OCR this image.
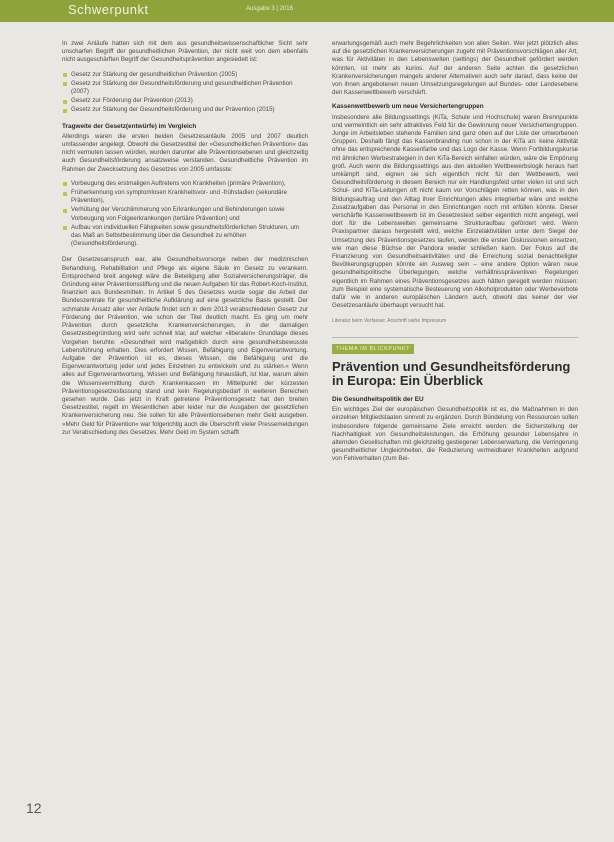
Schwerpunkt	Ausgabe 3 | 2016

In zwei Anläufe hatten sich mit dem aus gesundheitswissenschaftlicher Sicht sehr unscharfen Begriff der gesundheitlichen Prävention, der nicht weit von dem ebenfalls nicht ausgeschärften Begriff der Gesundheitsprävention angesiedelt ist:

Gesetz zur Stärkung der gesundheitlichen Prävention (2005)
Gesetz zur Stärkung der Gesundheitsförderung und gesundheitlichen Prävention (2007)
Gesetz zur Förderung der Prävention (2013)
Gesetz zur Stärkung der Gesundheitsförderung und der Prävention (2015)
Tragweite der Gesetz(entwürfe) im Vergleich

Allerdings waren die ersten beiden Gesetzesanläufe 2005 und 2007 deutlich umfassender angelegt. Obwohl die Gesetzestitel der »Gesundheitlichen Prävention« das nicht vermuten lassen würden, wurden darunter alle Präventionsebenen und gleichzeitig auch Gesundheitsförderung ansatzweise verstanden. Gesundheitliche Prävention im Rahmen der Zwecksetzung des Gesetzes von 2005 umfasste:

Vorbeugung des erstmaligen Auftretens von Krankheiten (primäre Prävention),
Früherkennung von symptomlosen Krankheitsvor- und -frühstadien (sekundäre Prävention),
Verhütung der Verschlimmerung von Erkrankungen und Behinderungen sowie Vorbeugung von Folgeerkrankungen (tertiäre Prävention) und
Aufbau von individuellen Fähigkeiten sowie gesundheitsförderlichen Strukturen, um das Maß an Selbstbestimmung über die Gesundheit zu erhöhen (Gesundheitsförderung).

Der Gesetzesanspruch war, alle Gesundheitsvorsorge neben der medizinischen Behandlung, Rehabilitation und Pflege als eigene Säule im Gesetz zu verankern. Entsprechend breit angelegt wäre die Beteiligung aller Sozialversicherungsträger, die Gründung einer Präventionsstiftung und die neuen Aufgaben für das Robert-Koch-Institut, finanziert aus Bundesmitteln. In Artikel 5 des Gesetzes wurde sogar die Arbeit der Bundeszentrale für gesundheitliche Aufklärung auf eine gesetzliche Basis gestellt. Der schmalste Ansatz aller vier Anläufe findet sich in dem 2013 verabschiedeten Gesetz zur Förderung der Prävention, wie schon der Titel deutlich macht. Es ging um mehr Prävention durch gesetzliche Krankenversicherungen, in der damaligen Gesetzesbegründung wird sehr schnell klar, auf welcher »liberalen« Grundlage dieses Vorgehen beruhte: »Gesundheit wird maßgeblich durch eine gesundheitsbewusste Lebensführung erhalten. Dies erfordert Wissen, Befähigung und Eigenverantwortung. Aufgabe der Prävention ist es, dieses Wissen, die Befähigung und die Eigenverantwortung jeder und jedes Einzelnen zu entwickeln und zu stärken.« Wenn alles auf Eigenverantwortung, Wissen und Befähigung hinausläuft, ist klar, warum allein die Wissensvermittlung durch Krankenkassen im Mittelpunkt der kürzesten Präventionsgesetzesfassung stand und kein Regelungsbedarf in weiteren Bereichen gesehen wurde. Das jetzt in Kraft getretene Präventionsgesetz hat den breiten Gesetzestitel, regelt im Wesentlichen aber leider nur die Ausgaben der gesetzlichen Krankenversicherung neu. Sie sollen für alle Präventionsebenen mehr Geld ausgeben. »Mehr Geld für Prävention« war folgerichtig auch die Überschrift vieler Pressemeldungen zur Verabschiedung des Gesetzes. Mehr Geld im System schafft

erwartungsgemäß auch mehr Begehrlichkeiten von allen Seiten. Wer jetzt plötzlich alles auf die gesetzlichen Krankenversicherungen zugeht mit Präventionsvorschlägen aller Art, was für Aktivitäten in den Lebenswelten (settings) der Gesundheit gefördert werden könnten, ist mehr als kurios. Auf der anderen Seite achten die gesetzlichen Krankenversicherungen mangels anderer Alternativen auch sehr darauf, dass keine der von ihnen angebotenen neuen Umsetzungsregelungen auf Bundes- oder Landesebene den Kassenwettbewerb verschärft.

Kassenwettbewerb um neue Versichertengruppen

Insbesondere alle Bildungssettings (KiTa, Schule und Hochschule) waren Brennpunkte und vermeintlich ein sehr attraktives Feld für die Gewinnung neuer Versichertengruppen. Junge im Arbeitsleben stehende Familien sind ganz oben auf der Liste der umworbenen Gruppen. Deshalb fängt das Kassenbranding nun schon in der KiTa an: keine Aktivität ohne das entsprechende Kassenfarbe und das Logo der Kasse. Wenn Fortbildungskurse mit ähnlichen Werbestrategien in den KiTa-Bereich einfallen würden, wäre die Empörung groß. Auch wenn die Bildungssettings aus den aktuellen Wettbewerbslogik heraus hart umkämpft sind, eignen sie sich eigentlich nicht für den Wettbewerb, weil Gesundheitsförderung in diesem Bereich nur ein Handlungsfeld unter vielen ist und sich Schul- und KiTa-Leitungen oft nicht kaum vor Vorschlägen retten können, was in den Bildungsauftrag und den Alltag ihrer Einrichtungen alles integrierbar wäre und welche Zusatzaufgaben das Personal in den Einrichtungen noch mit erfüllen könnte. Dieser verschärfte Kassenwettbewerb ist im Gesetzestext selber eigentlich nicht angelegt, weil dort für die Lebenswelten gemeinsame Strukturaufbau gefördert wird. Wenn Praxispartner daraus hergestellt wird, welche Einzelaktivitäten unter dem Siegel der Umsetzung des Präventionsgesetzes laufen, werden die ersten Diskussionen einsetzen, wie man diese Büchse der Pandora wieder schließen kann. Der Fokus auf die Finanzierung von Gesundheitsaktivitäten und die Erreichung sozial benachteiligter Bevölkerungsgruppen könnte ein Ausweg sein – eine andere Option wären neue gesundheitspolitische Überlegungen, welche verhältnisspräventiven Regelungen eigentlich im Rahmen eines Präventionsgesetzes auch hätten geregelt werden müssen: zum Beispiel eine systematische Besteuerung von Alkoholprodukten oder Werbeverbote dafür wie in anderen europäischen Ländern auch, obwohl das keiner der vier Gesetzesanläufe überhaupt versucht hat.

Literatur beim Verfasser. Anschrift siehe Impressum
THEMA IM BLICKPUNKT
Prävention und Gesundheitsförderung in Europa: Ein Überblick
Die Gesundheitspolitik der EU

Ein wichtiges Ziel der europäischen Gesundheitspolitik ist es, die Maßnahmen in den einzelnen Mitgliedstaaten sinnvoll zu ergänzen. Durch Bündelung von Ressourcen sollen insbesondere folgende gemeinsame Ziele erreicht werden: die Sicherstellung der Nachhaltigkeit von Gesundheitsleistungen, die Erhöhung gesunder Lebensjahre in alternden Gesellschaften mit gleichzeitig gestiegener Lebenserwartung, die Verringerung gesundheitlicher Ungleichheiten, die Reduzierung vermeidbarer Krankheiten aufgrund von Fehlverhalten (zum Bei-

12
